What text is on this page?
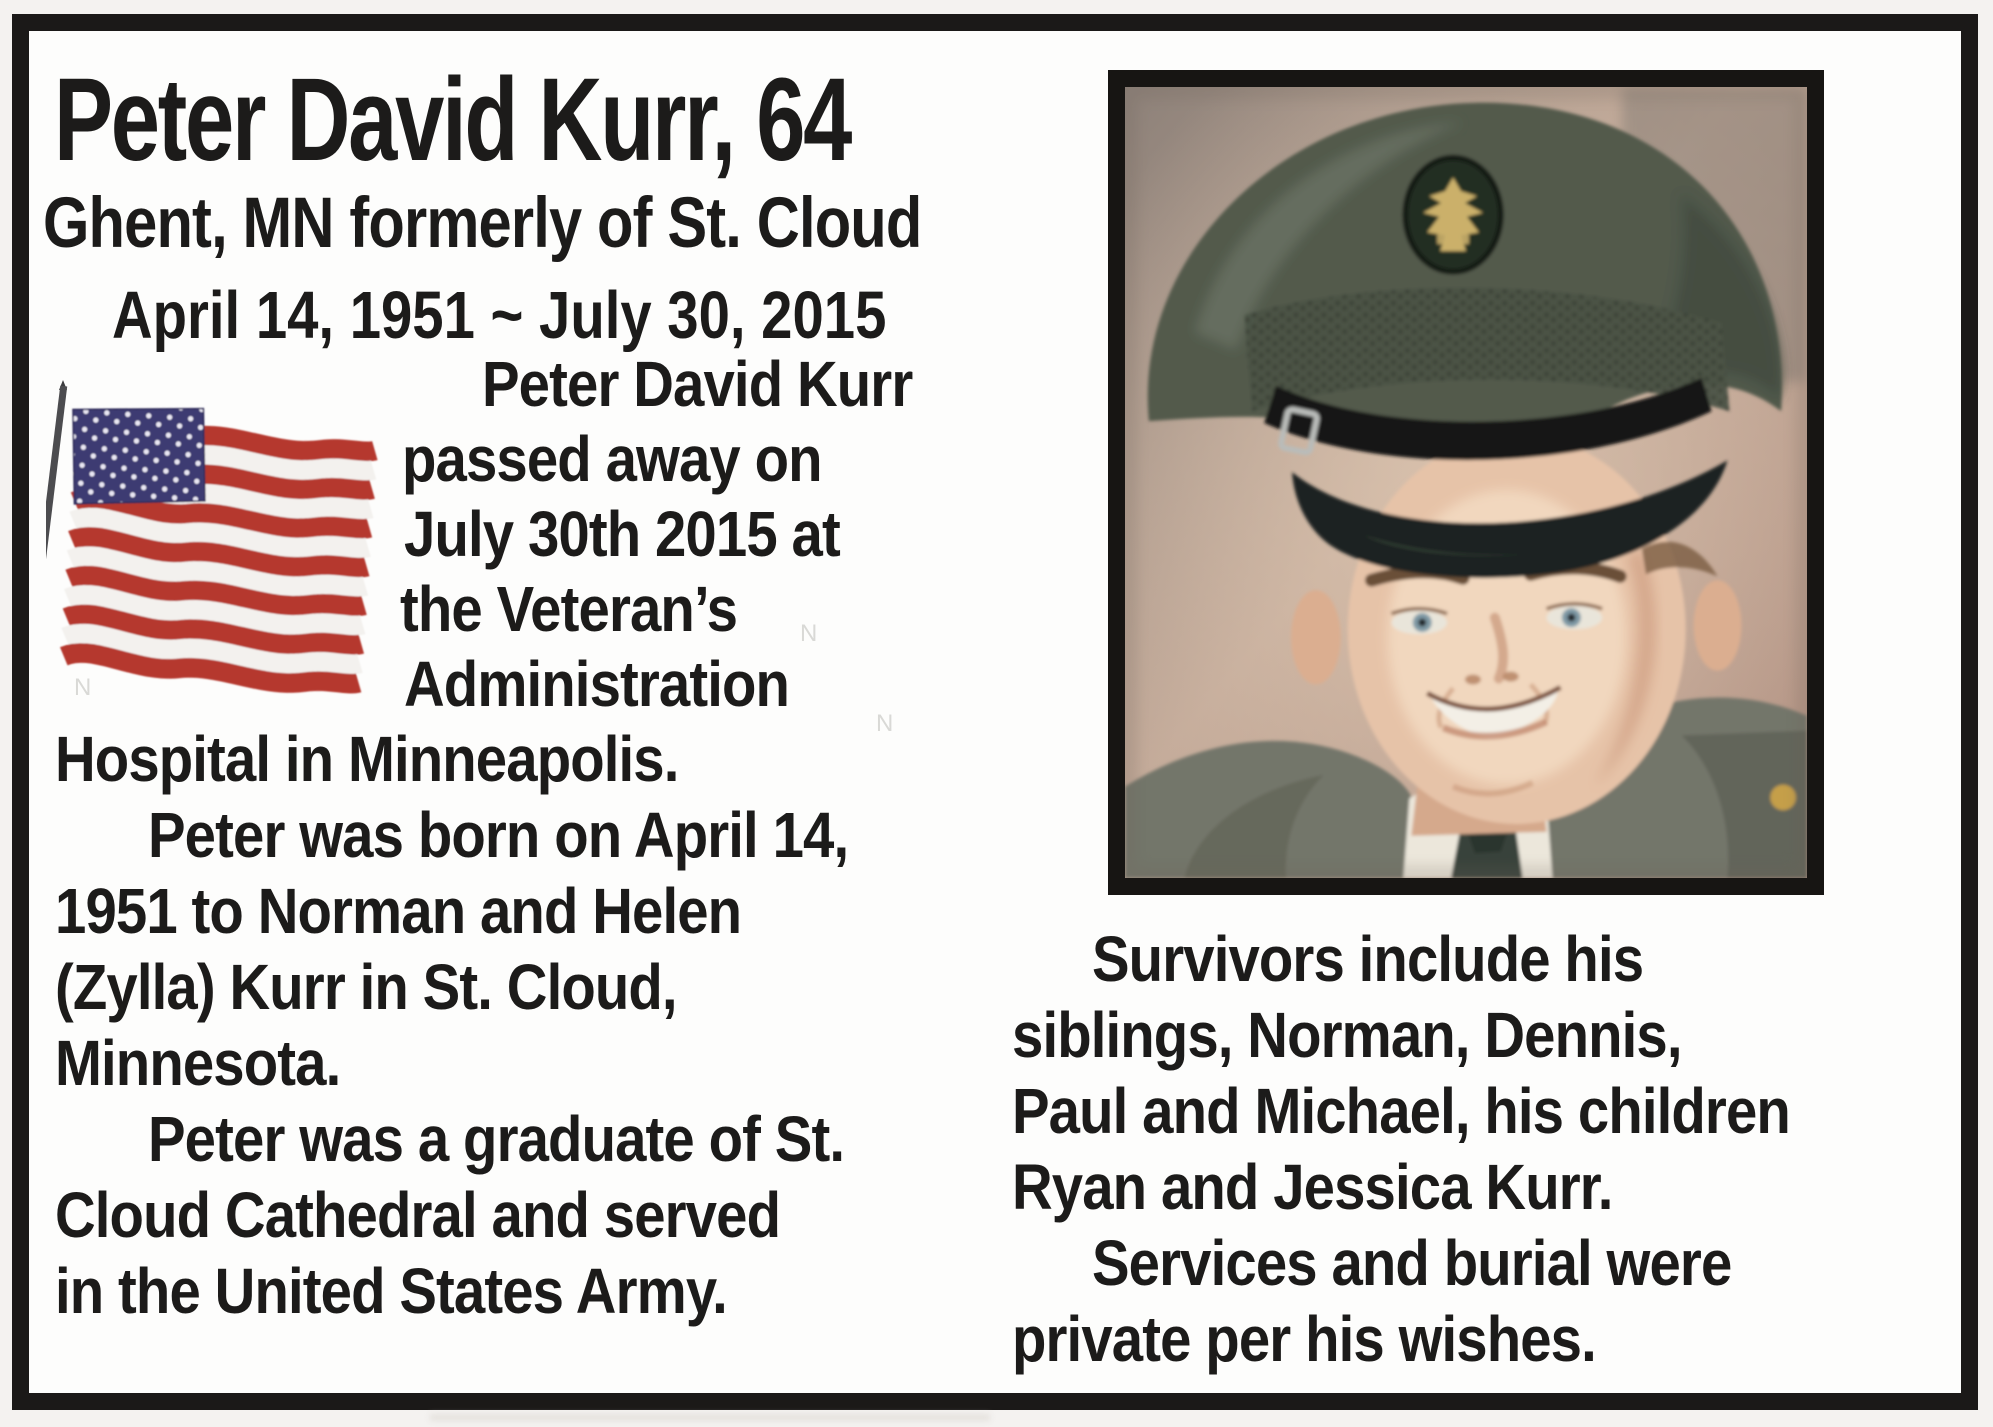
Peter David Kurr, 64
Ghent, MN formerly of St. Cloud
April 14, 1951 ~ July 30, 2015
Peter David Kurr
passed away on
July 30th 2015 at
the Veteran’s
Administration
Hospital in Minneapolis.
Peter was born on April 14,
1951 to Norman and Helen
(Zylla) Kurr in St. Cloud,
Minnesota.
Peter was a graduate of St.
Cloud Cathedral and served
in the United States Army.
Survivors include his
siblings, Norman, Dennis,
Paul and Michael, his children
Ryan and Jessica Kurr.
Services and burial were
private per his wishes.
N
N
N
